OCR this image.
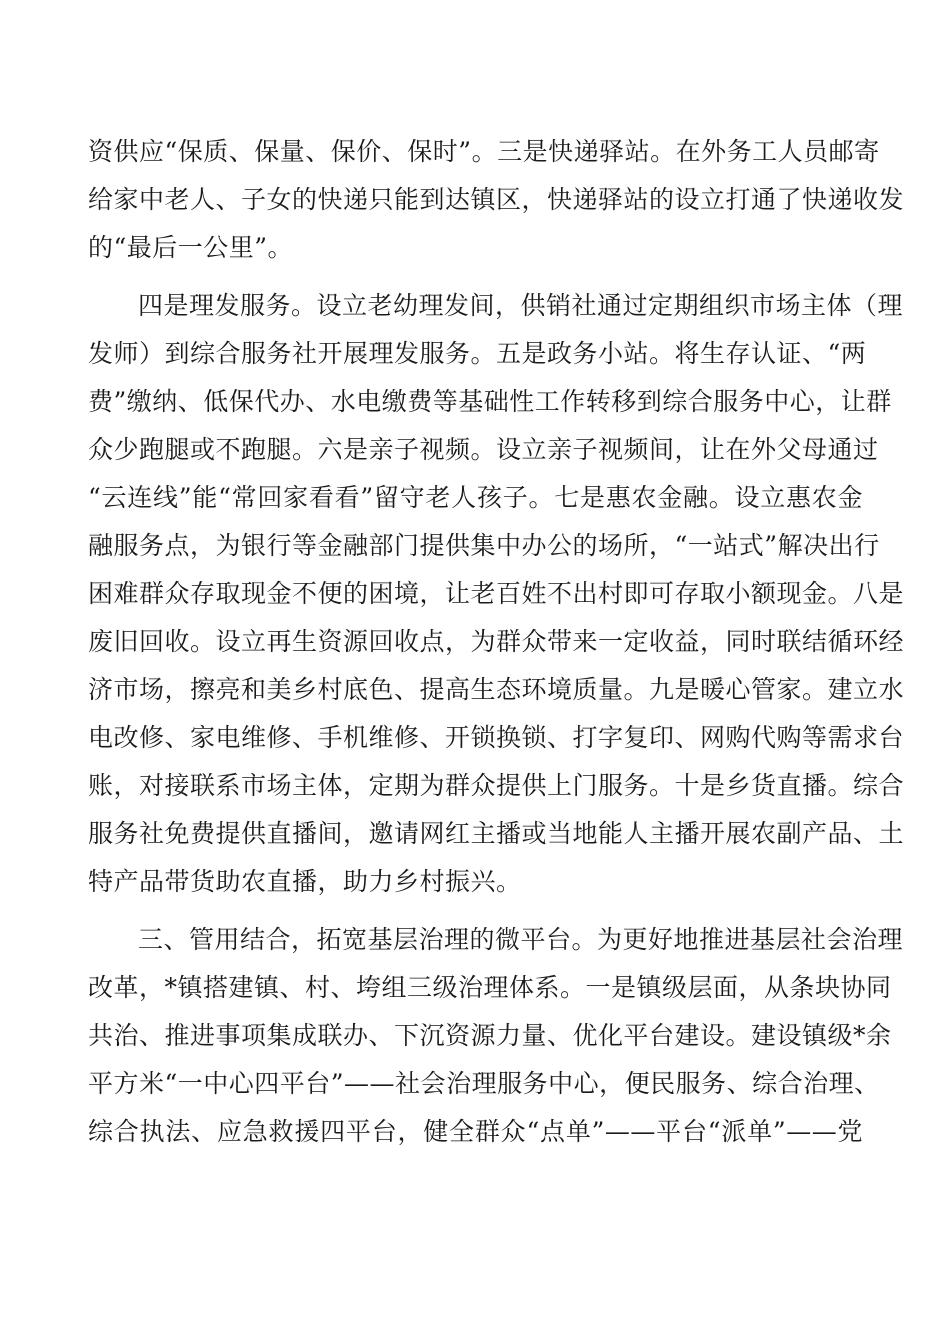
资供应“保质、保量、保价、保时”。三是快递驿站。在外务工人员邮寄
给家中老人、子女的快递只能到达镇区，快递驿站的设立打通了快递收发
的“最后一公里”。
四是理发服务。设立老幼理发间，供销社通过定期组织市场主体（理
发师）到综合服务社开展理发服务。五是政务小站。将生存认证、“两
费”缴纳、低保代办、水电缴费等基础性工作转移到综合服务中心，让群
众少跑腿或不跑腿。六是亲子视频。设立亲子视频间，让在外父母通过
“云连线”能“常回家看看”留守老人孩子。七是惠农金融。设立惠农金
融服务点，为银行等金融部门提供集中办公的场所，“一站式”解决出行
困难群众存取现金不便的困境，让老百姓不出村即可存取小额现金。八是
废旧回收。设立再生资源回收点，为群众带来一定收益，同时联结循环经
济市场，擦亮和美乡村底色、提高生态环境质量。九是暖心管家。建立水
电改修、家电维修、手机维修、开锁换锁、打字复印、网购代购等需求台
账，对接联系市场主体，定期为群众提供上门服务。十是乡货直播。综合
服务社免费提供直播间，邀请网红主播或当地能人主播开展农副产品、土
特产品带货助农直播，助力乡村振兴。
三、管用结合，拓宽基层治理的微平台。为更好地推进基层社会治理
改革，*镇搭建镇、村、垮组三级治理体系。一是镇级层面，从条块协同
共治、推进事项集成联办、下沉资源力量、优化平台建设。建设镇级*余
平方米“一中心四平台”——社会治理服务中心，便民服务、综合治理、
综合执法、应急救援四平台，健全群众“点单”——平台“派单”——党
